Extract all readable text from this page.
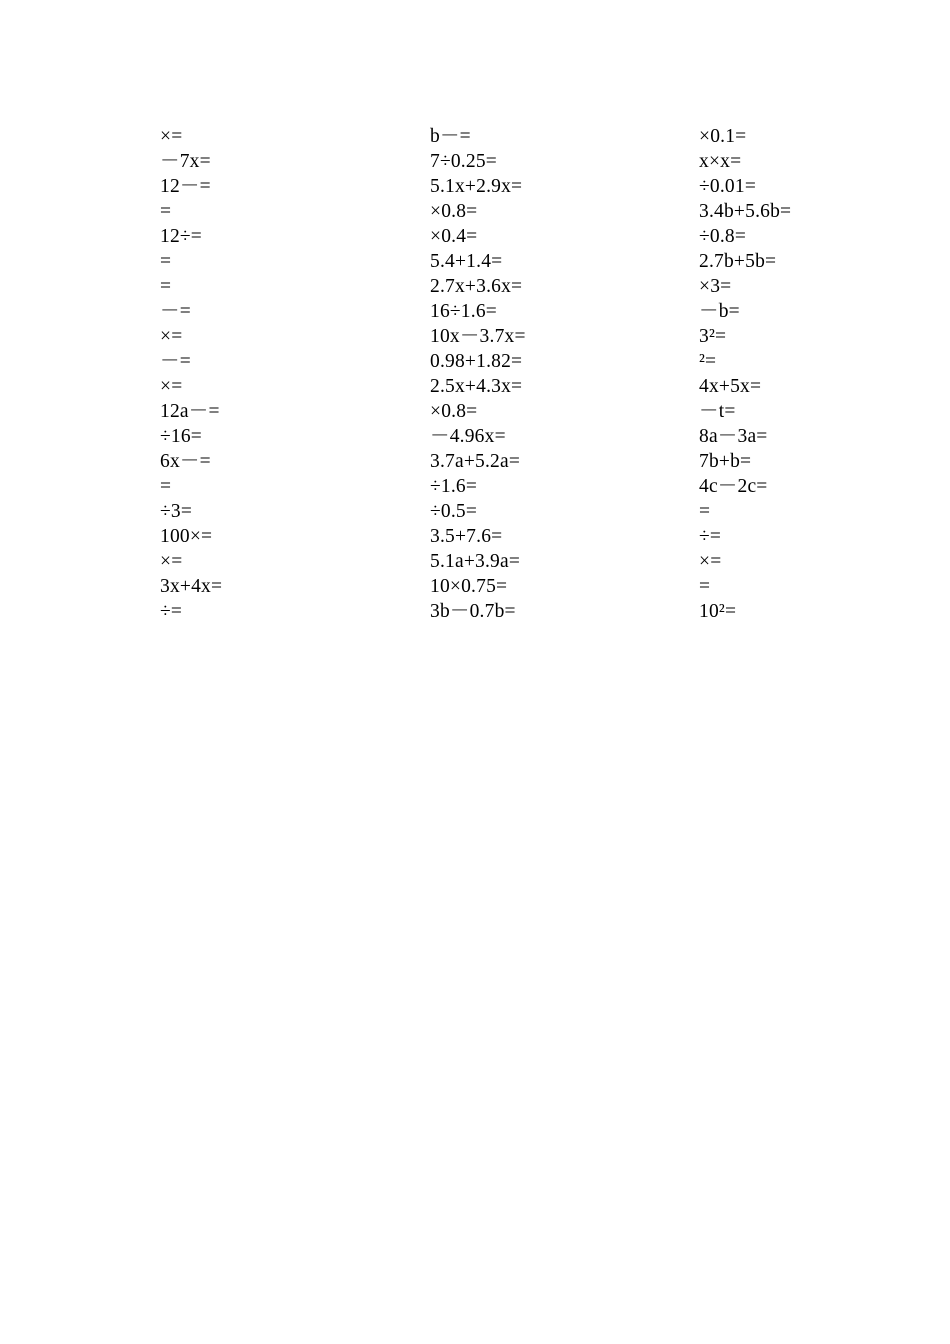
×=
－7x=
12－=
=
12÷=
=
=
－=
×=
－=
×=
12a－=
÷16=
6x－=
=
÷3=
100×=
×=
3x+4x=
÷=
b－=
7÷0.25=
5.1x+2.9x=
×0.8=
×0.4=
5.4+1.4=
2.7x+3.6x=
16÷1.6=
10x－3.7x=
0.98+1.82=
2.5x+4.3x=
×0.8=
－4.96x=
3.7a+5.2a=
÷1.6=
÷0.5=
3.5+7.6=
5.1a+3.9a=
10×0.75=
3b－0.7b=
×0.1=
x×x=
÷0.01=
3.4b+5.6b=
÷0.8=
2.7b+5b=
×3=
－b=
3²=
²=
4x+5x=
－t=
8a－3a=
7b+b=
4c－2c=
=
÷=
×=
=
10²=
